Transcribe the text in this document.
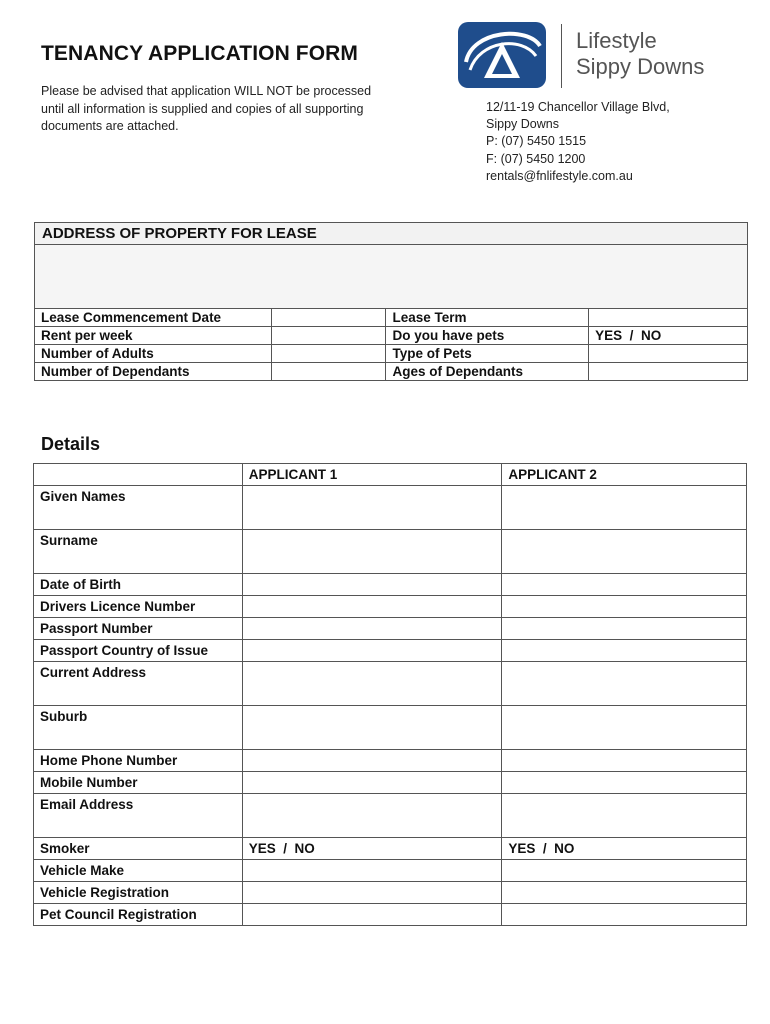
TENANCY APPLICATION FORM
Please be advised that application WILL NOT be processed
until all information is supplied and copies of all supporting
documents are attached.
Lifestyle
Sippy Downs
12/11-19 Chancellor Village Blvd,
Sippy Downs
P: (07) 5450 1515
F: (07) 5450 1200
rentals@fnlifestyle.com.au
ADDRESS OF PROPERTY FOR LEASE			

Lease Commencement Date		Lease Term	
Rent per week		Do you have pets	YES  /  NO
Number of Adults		Type of Pets	
Number of Dependants		Ages of Dependants	
Details
	APPLICANT 1	APPLICANT 2
Given Names		
Surname		
Date of Birth		
Drivers Licence Number		
Passport Number		
Passport Country of Issue		
Current Address		
Suburb		
Home Phone Number		
Mobile Number		
Email Address		
Smoker	YES  /  NO	YES  /  NO
Vehicle Make		
Vehicle Registration		
Pet Council Registration		
